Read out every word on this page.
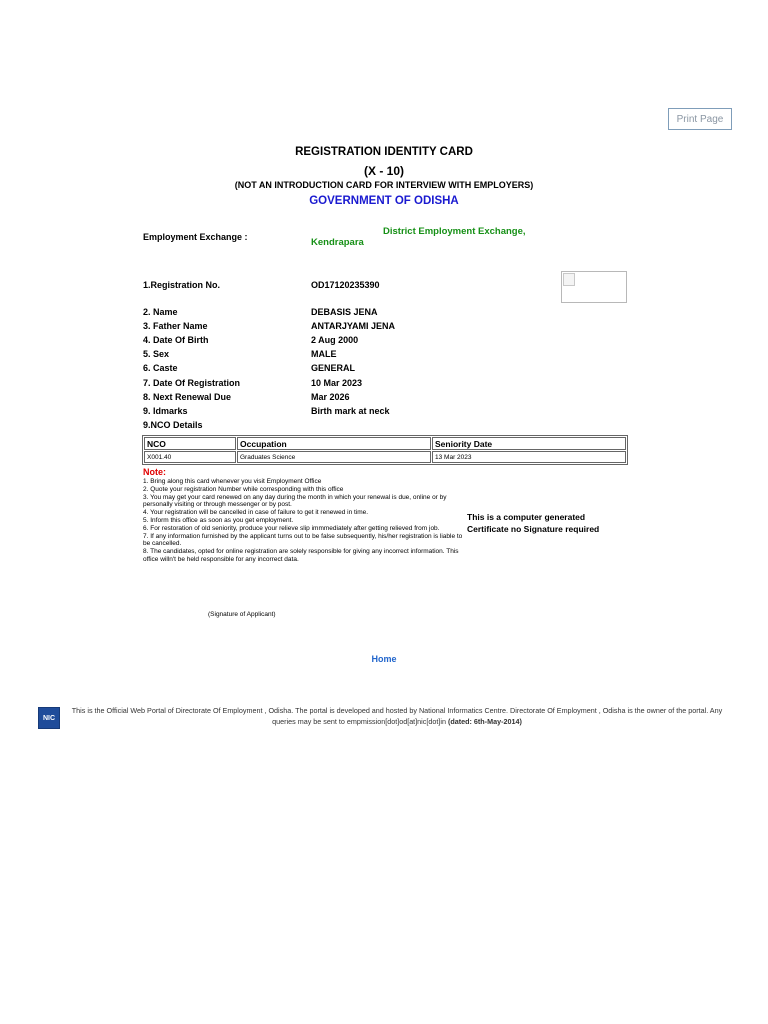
Print Page
REGISTRATION IDENTITY CARD
(X - 10)
(NOT AN INTRODUCTION CARD FOR INTERVIEW WITH EMPLOYERS)
GOVERNMENT OF ODISHA
Employment Exchange :	District Employment Exchange,
Kendrapara
1.Registration No.	OD17120235390
2. Name	DEBASIS JENA
3. Father Name	ANTARJYAMI JENA
4. Date Of Birth	2 Aug 2000
5. Sex	MALE
6. Caste	GENERAL
7. Date Of Registration	10 Mar 2023
8. Next Renewal Due	Mar 2026
9. Idmarks	Birth mark at neck
9.NCO Details
NCO	Occupation	Seniority Date
X001.40	Graduates Science	13 Mar 2023
Note:
1. Bring along this card whenever you visit Employment Office
2. Quote your registration Number while corresponding with this office
3. You may get your card renewed on any day during the month in which your renewal is due, online or by personally visiting or through messenger or by post.
4. Your registration will be cancelled in case of failure to get it renewed in time.
5. Inform this office as soon as you get employment.
6. For restoration of old seniority, produce your relieve slip immmediately after getting relieved from job.
7. If any information furnished by the applicant turns out to be false subsequently, his/her registration is liable to be cancelled.
8. The candidates, opted for online registration are solely responsible for giving any incorrect information. This office willn't be held responsible for any incorrect data.
This is a computer generated
Certificate no Signature required
(Signature of Applicant)
Home
NIC
This is the Official Web Portal of Directorate Of Employment , Odisha. The portal is developed and hosted by National Informatics Centre. Directorate Of Employment , Odisha is the owner of the portal. Any queries may be sent to empmission[dot]od[at]nic[dot]in (dated: 6th-May-2014)
